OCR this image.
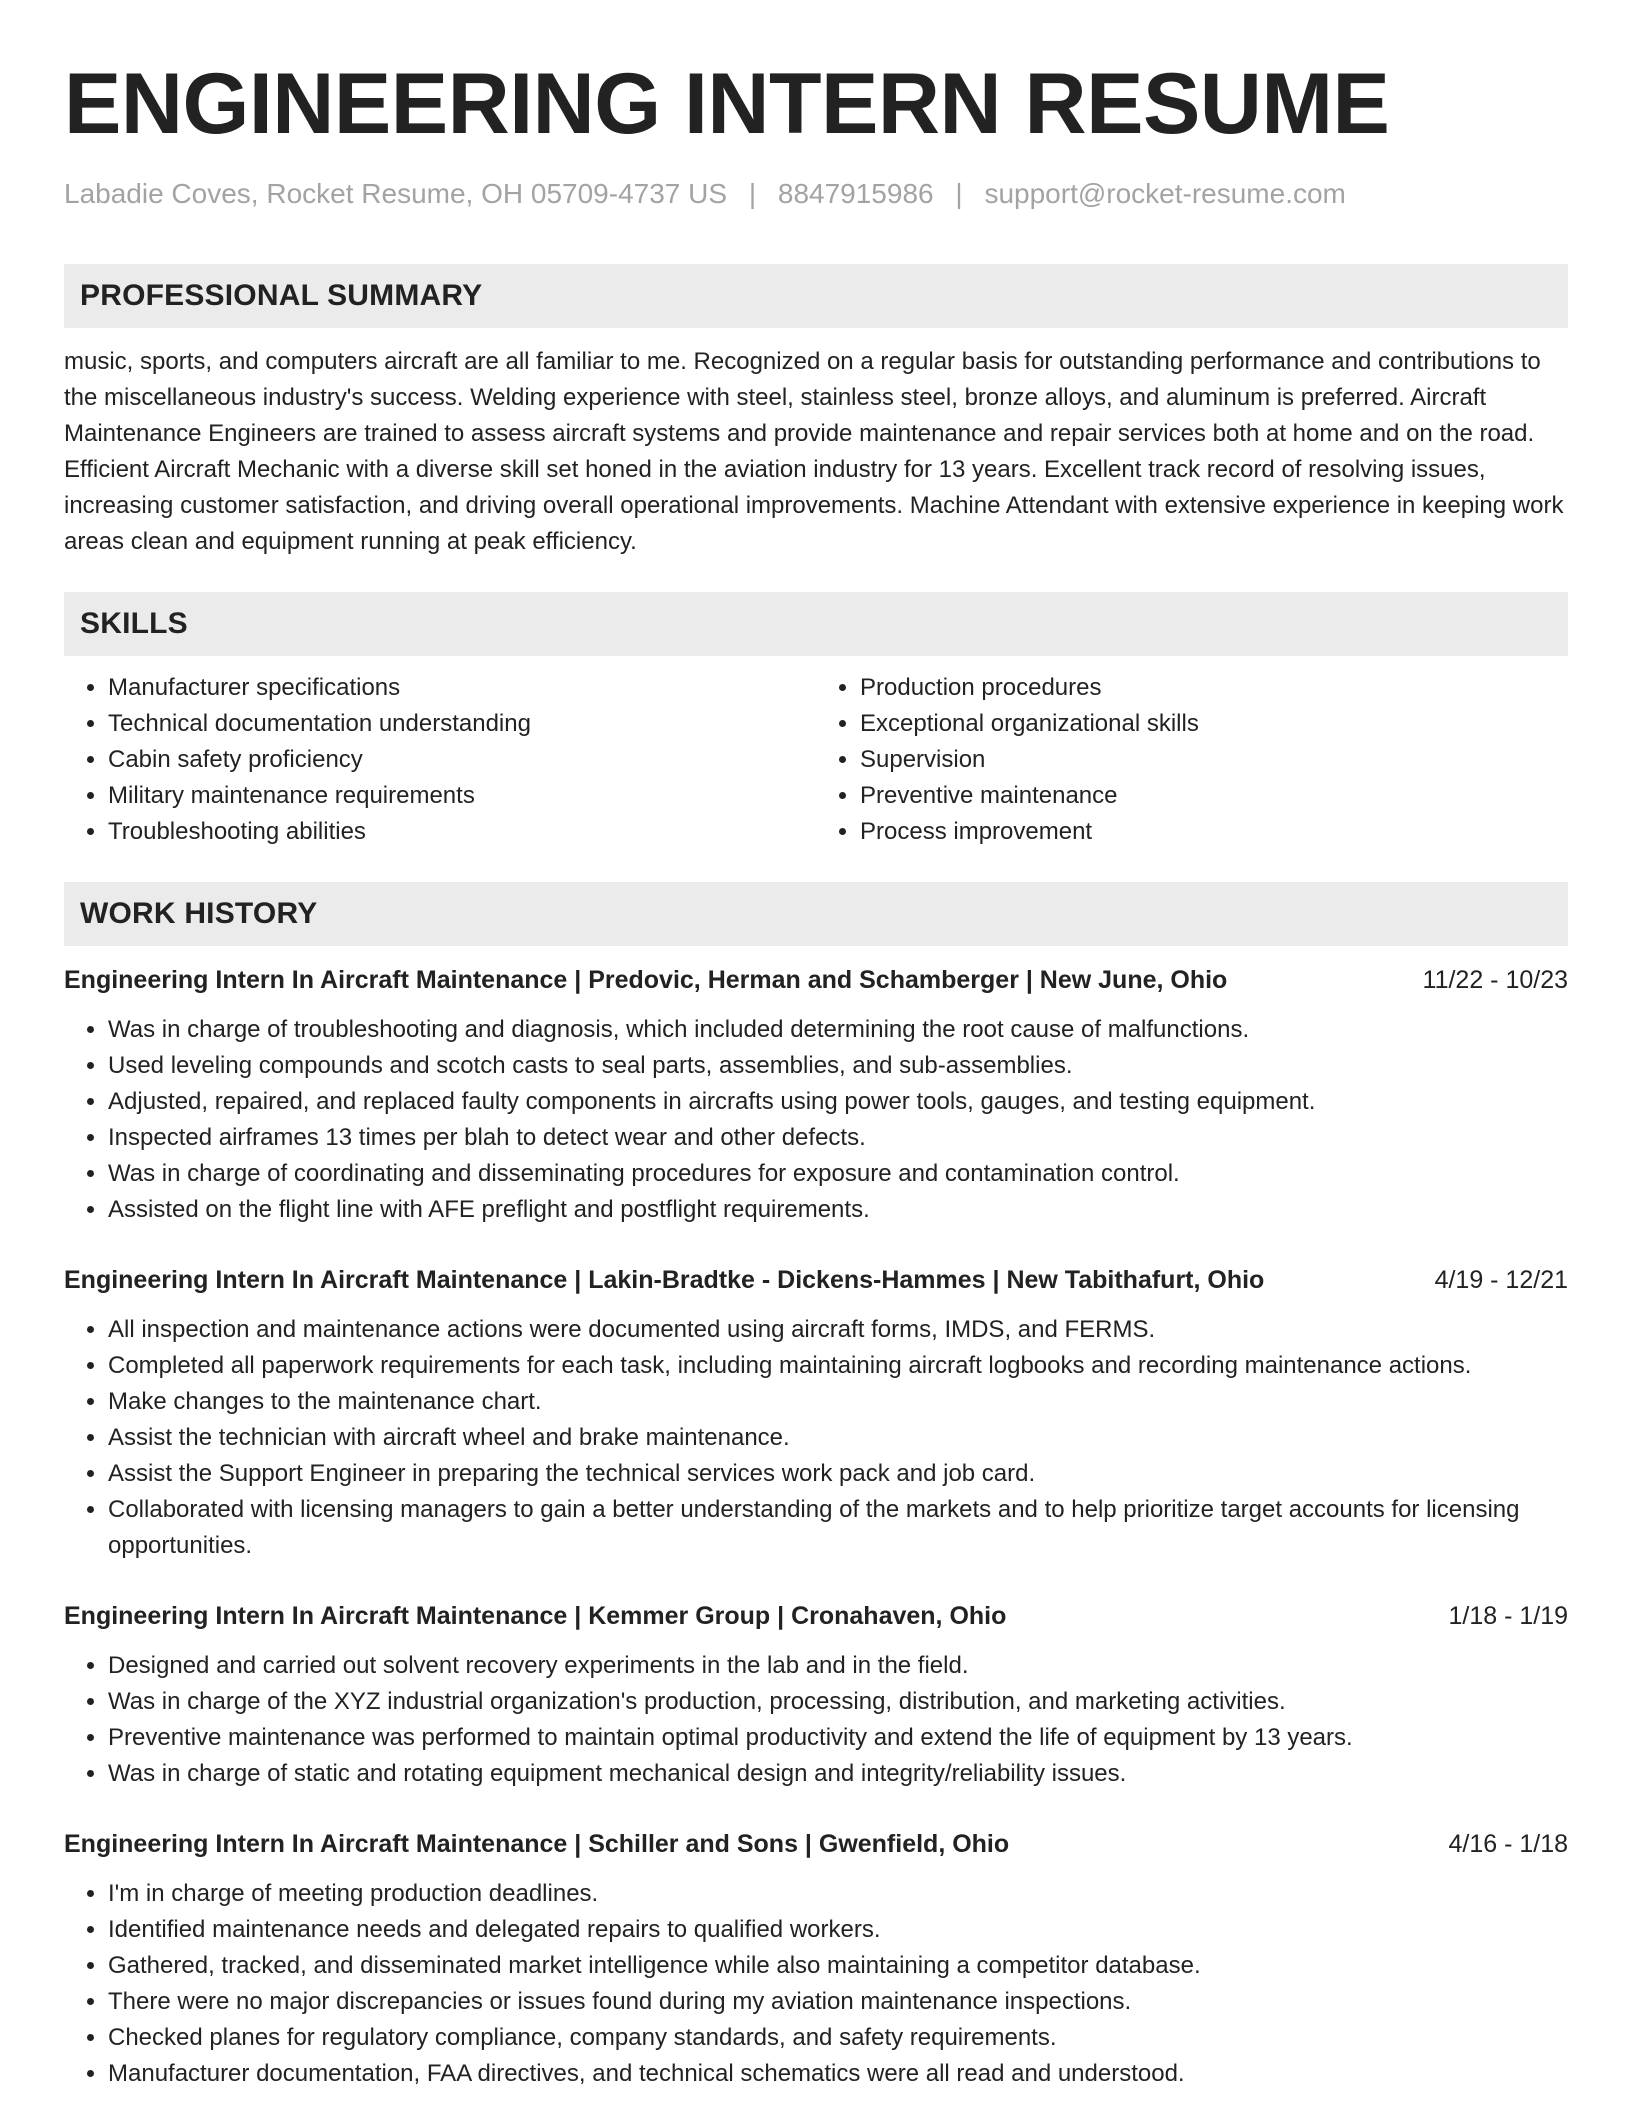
ENGINEERING INTERN RESUME
Labadie Coves, Rocket Resume, OH 05709-4737 US | 8847915986 | support@rocket-resume.com
PROFESSIONAL SUMMARY
music, sports, and computers aircraft are all familiar to me. Recognized on a regular basis for outstanding performance and contributions to the miscellaneous industry's success. Welding experience with steel, stainless steel, bronze alloys, and aluminum is preferred. Aircraft Maintenance Engineers are trained to assess aircraft systems and provide maintenance and repair services both at home and on the road. Efficient Aircraft Mechanic with a diverse skill set honed in the aviation industry for 13 years. Excellent track record of resolving issues, increasing customer satisfaction, and driving overall operational improvements. Machine Attendant with extensive experience in keeping work areas clean and equipment running at peak efficiency.
SKILLS
• Manufacturer specifications
• Technical documentation understanding
• Cabin safety proficiency
• Military maintenance requirements
• Troubleshooting abilities
• Production procedures
• Exceptional organizational skills
• Supervision
• Preventive maintenance
• Process improvement
WORK HISTORY
Engineering Intern In Aircraft Maintenance | Predovic, Herman and Schamberger | New June, Ohio	11/22 - 10/23
• Was in charge of troubleshooting and diagnosis, which included determining the root cause of malfunctions.
• Used leveling compounds and scotch casts to seal parts, assemblies, and sub-assemblies.
• Adjusted, repaired, and replaced faulty components in aircrafts using power tools, gauges, and testing equipment.
• Inspected airframes 13 times per blah to detect wear and other defects.
• Was in charge of coordinating and disseminating procedures for exposure and contamination control.
• Assisted on the flight line with AFE preflight and postflight requirements.
Engineering Intern In Aircraft Maintenance | Lakin-Bradtke - Dickens-Hammes | New Tabithafurt, Ohio	4/19 - 12/21
• All inspection and maintenance actions were documented using aircraft forms, IMDS, and FERMS.
• Completed all paperwork requirements for each task, including maintaining aircraft logbooks and recording maintenance actions.
• Make changes to the maintenance chart.
• Assist the technician with aircraft wheel and brake maintenance.
• Assist the Support Engineer in preparing the technical services work pack and job card.
• Collaborated with licensing managers to gain a better understanding of the markets and to help prioritize target accounts for licensing opportunities.
Engineering Intern In Aircraft Maintenance | Kemmer Group | Cronahaven, Ohio	1/18 - 1/19
• Designed and carried out solvent recovery experiments in the lab and in the field.
• Was in charge of the XYZ industrial organization's production, processing, distribution, and marketing activities.
• Preventive maintenance was performed to maintain optimal productivity and extend the life of equipment by 13 years.
• Was in charge of static and rotating equipment mechanical design and integrity/reliability issues.
Engineering Intern In Aircraft Maintenance | Schiller and Sons | Gwenfield, Ohio	4/16 - 1/18
• I'm in charge of meeting production deadlines.
• Identified maintenance needs and delegated repairs to qualified workers.
• Gathered, tracked, and disseminated market intelligence while also maintaining a competitor database.
• There were no major discrepancies or issues found during my aviation maintenance inspections.
• Checked planes for regulatory compliance, company standards, and safety requirements.
• Manufacturer documentation, FAA directives, and technical schematics were all read and understood.
